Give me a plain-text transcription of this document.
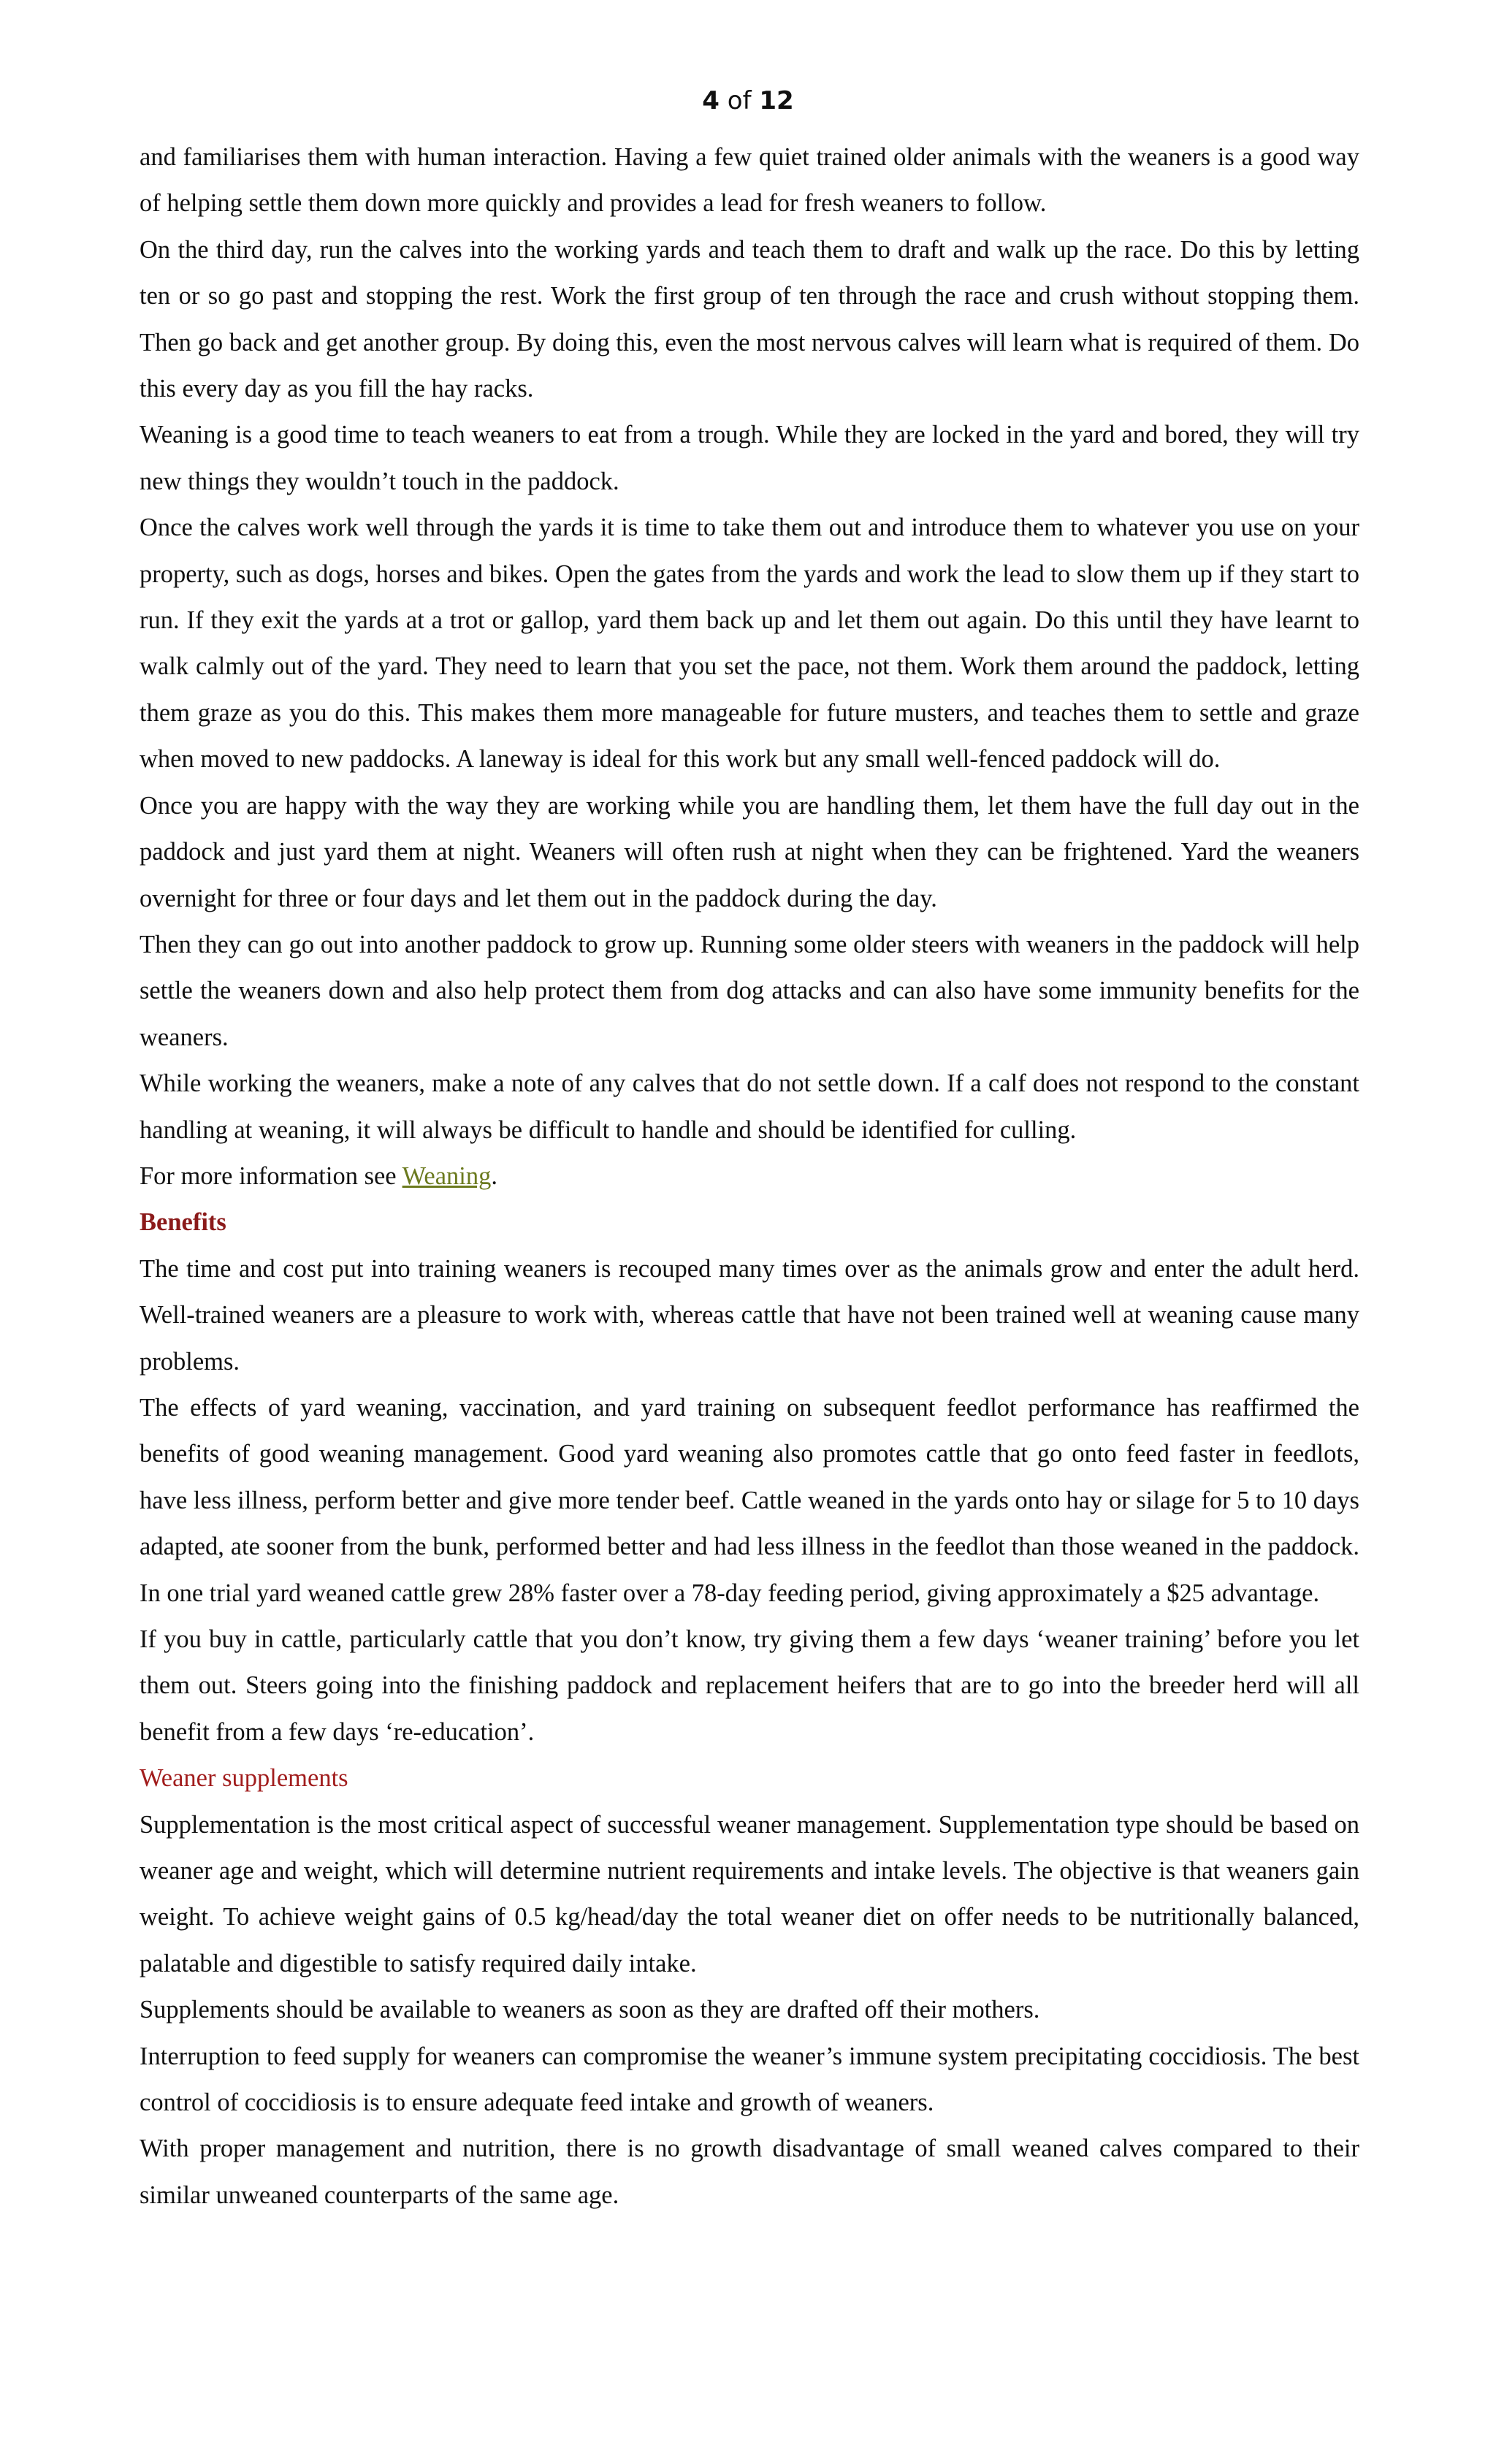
4 of 12

and familiarises them with human interaction. Having a few quiet trained older animals with the weaners is a good way of helping settle them down more quickly and provides a lead for fresh weaners to follow.

On the third day, run the calves into the working yards and teach them to draft and walk up the race. Do this by letting ten or so go past and stopping the rest. Work the first group of ten through the race and crush without stopping them. Then go back and get another group. By doing this, even the most nervous calves will learn what is required of them. Do this every day as you fill the hay racks.

Weaning is a good time to teach weaners to eat from a trough. While they are locked in the yard and bored, they will try new things they wouldn’t touch in the paddock.

Once the calves work well through the yards it is time to take them out and introduce them to whatever you use on your property, such as dogs, horses and bikes. Open the gates from the yards and work the lead to slow them up if they start to run. If they exit the yards at a trot or gallop, yard them back up and let them out again. Do this until they have learnt to walk calmly out of the yard. They need to learn that you set the pace, not them. Work them around the paddock, letting them graze as you do this. This makes them more manageable for future musters, and teaches them to settle and graze when moved to new paddocks. A laneway is ideal for this work but any small well-fenced paddock will do.

Once you are happy with the way they are working while you are handling them, let them have the full day out in the paddock and just yard them at night. Weaners will often rush at night when they can be frightened. Yard the weaners overnight for three or four days and let them out in the paddock during the day.

Then they can go out into another paddock to grow up. Running some older steers with weaners in the paddock will help settle the weaners down and also help protect them from dog attacks and can also have some immunity benefits for the weaners.

While working the weaners, make a note of any calves that do not settle down. If a calf does not respond to the constant handling at weaning, it will always be difficult to handle and should be identified for culling.

For more information see Weaning.

Benefits

The time and cost put into training weaners is recouped many times over as the animals grow and enter the adult herd. Well-trained weaners are a pleasure to work with, whereas cattle that have not been trained well at weaning cause many problems.

The effects of yard weaning, vaccination, and yard training on subsequent feedlot performance has reaffirmed the benefits of good weaning management. Good yard weaning also promotes cattle that go onto feed faster in feedlots, have less illness, perform better and give more tender beef. Cattle weaned in the yards onto hay or silage for 5 to 10 days adapted, ate sooner from the bunk, performed better and had less illness in the feedlot than those weaned in the paddock. In one trial yard weaned cattle grew 28% faster over a 78-day feeding period, giving approximately a $25 advantage.

If you buy in cattle, particularly cattle that you don’t know, try giving them a few days ‘weaner training’ before you let them out. Steers going into the finishing paddock and replacement heifers that are to go into the breeder herd will all benefit from a few days ‘re-education’.

Weaner supplements

Supplementation is the most critical aspect of successful weaner management. Supplementation type should be based on weaner age and weight, which will determine nutrient requirements and intake levels. The objective is that weaners gain weight. To achieve weight gains of 0.5 kg/head/day the total weaner diet on offer needs to be nutritionally balanced, palatable and digestible to satisfy required daily intake.

Supplements should be available to weaners as soon as they are drafted off their mothers.

Interruption to feed supply for weaners can compromise the weaner’s immune system precipitating coccidiosis. The best control of coccidiosis is to ensure adequate feed intake and growth of weaners.

With proper management and nutrition, there is no growth disadvantage of small weaned calves compared to their similar unweaned counterparts of the same age.
